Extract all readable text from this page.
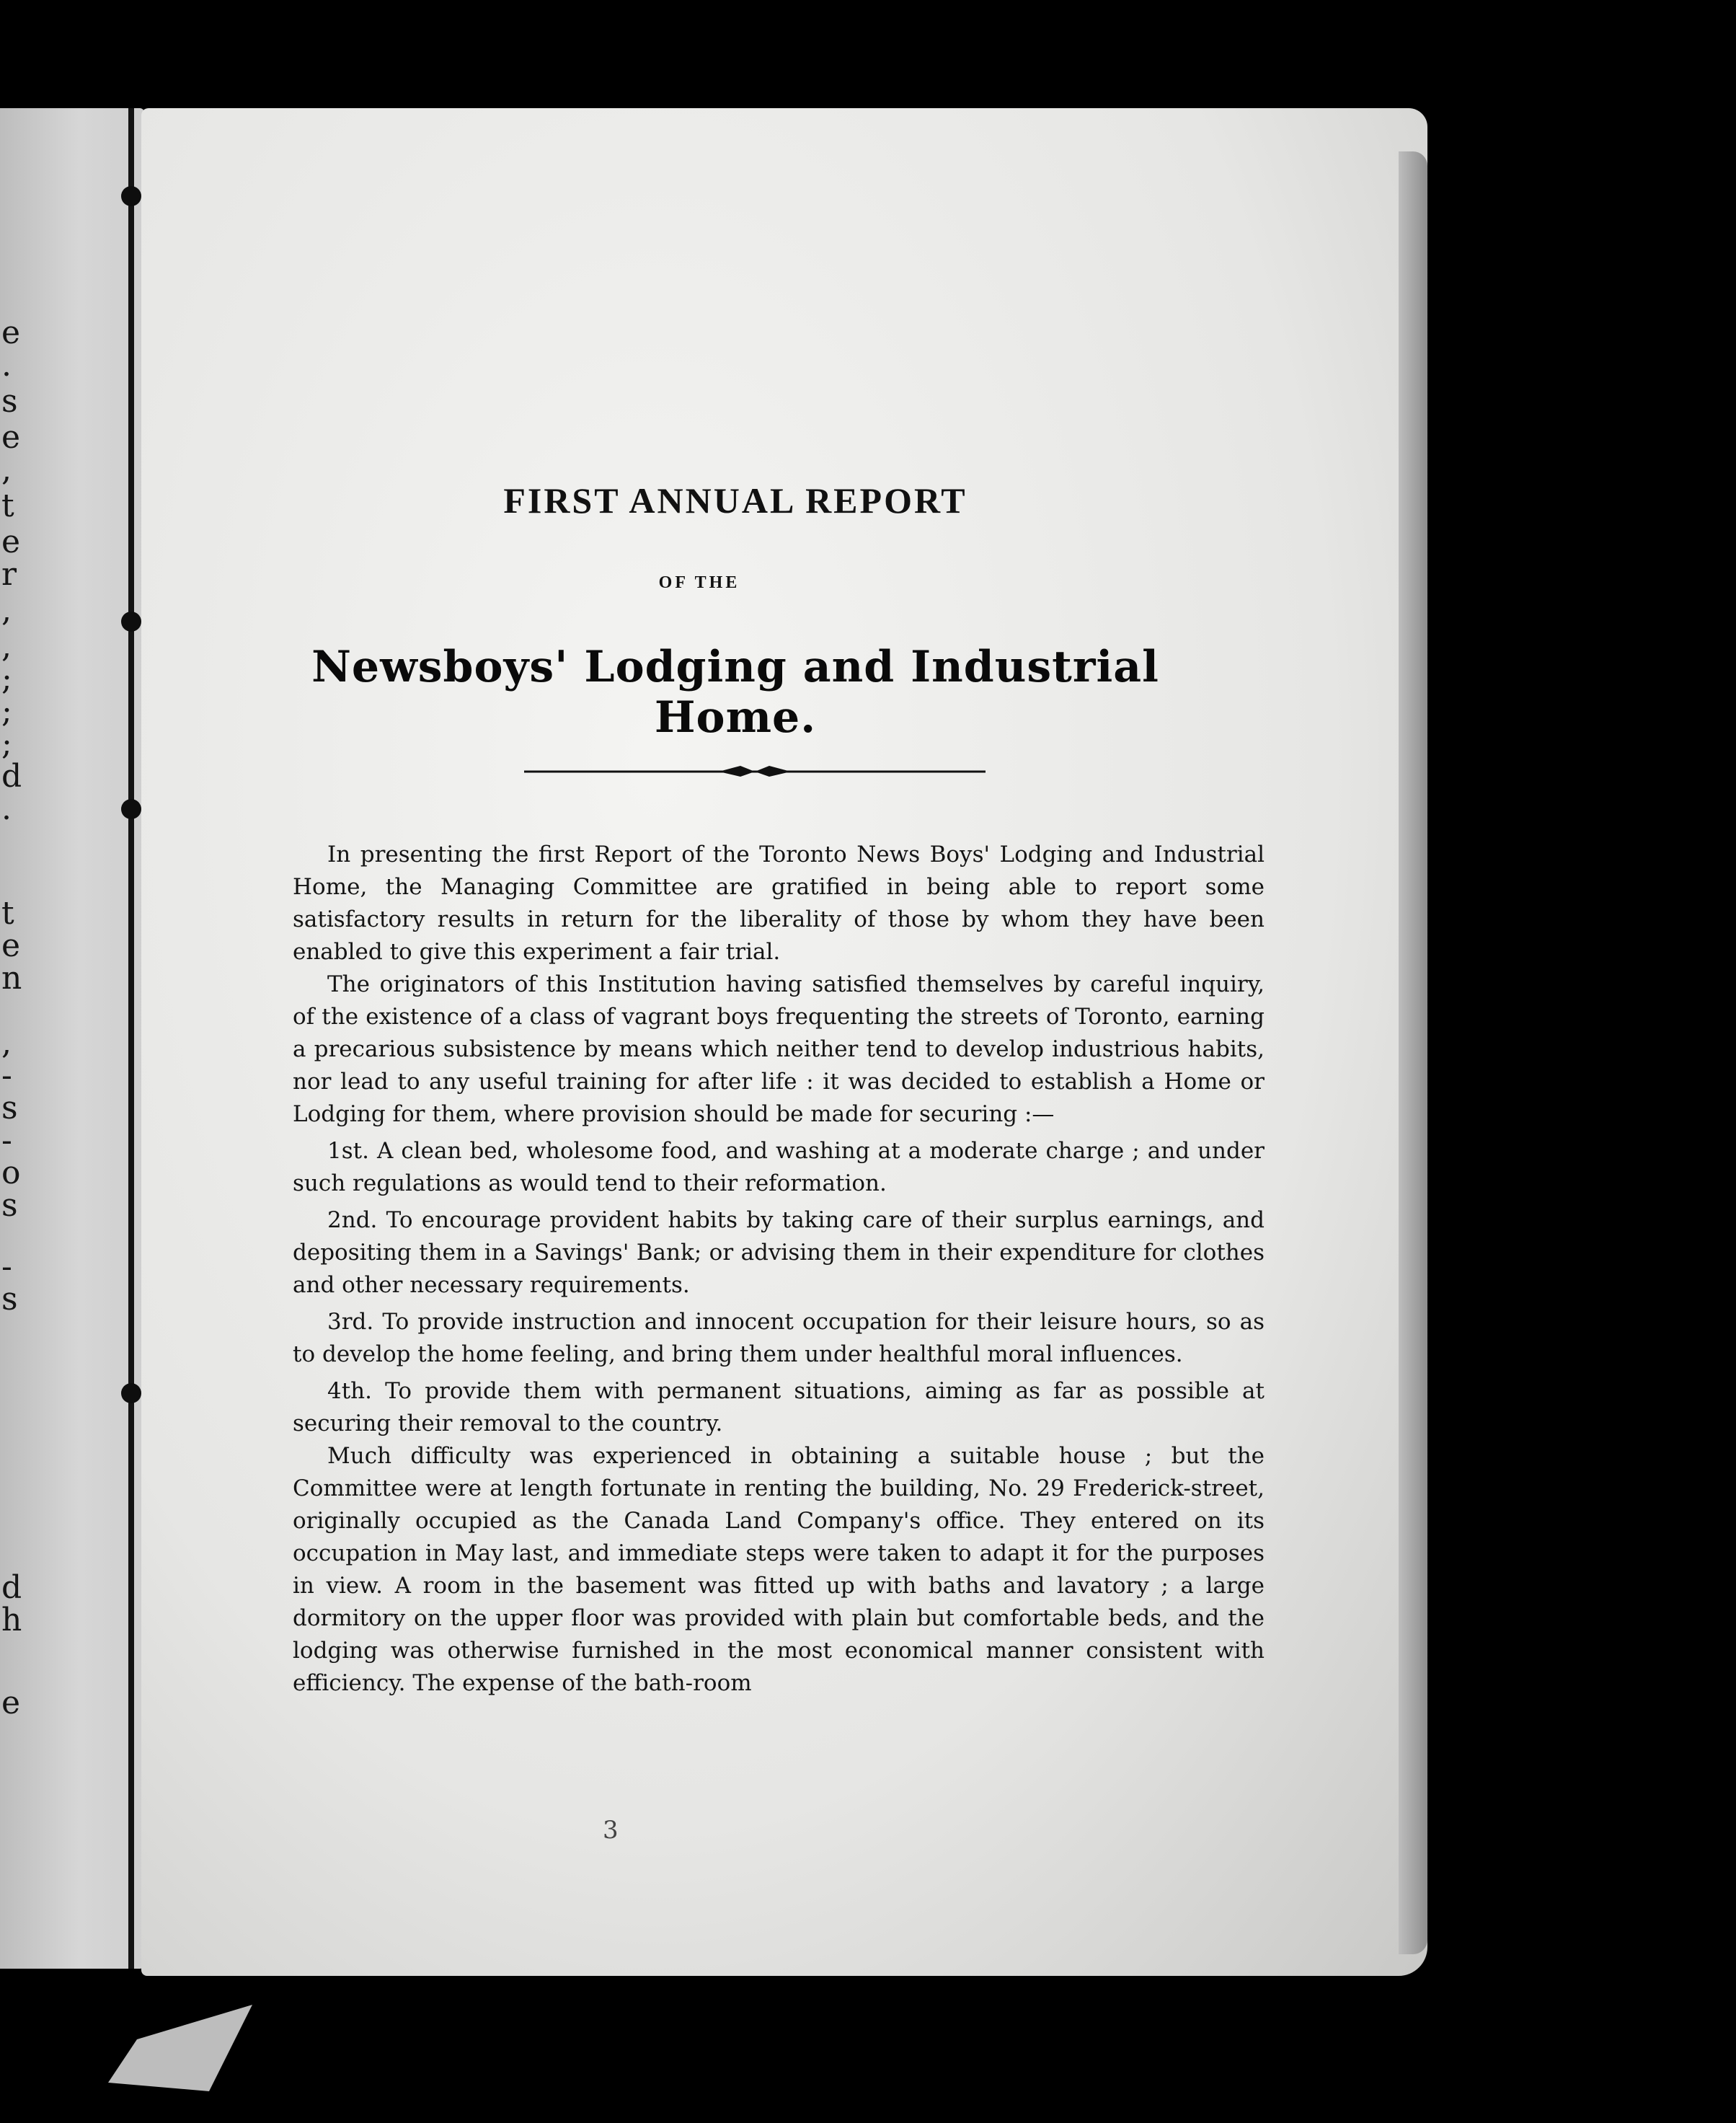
e
.
s
e
,
t
e
r
,
,
;
;
;
d
.
t
e
n
,
-
s
-
o
s
-
s
d
h
e
FIRST ANNUAL REPORT
OF THE
Newsboys' Lodging and Industrial Home.

In presenting the first Report of the Toronto News Boys' Lodging and Industrial Home, the Managing Committee are gratified in being able to report some satisfactory results in return for the liberality of those by whom they have been enabled to give this experiment a fair trial.

The originators of this Institution having satisfied themselves by careful inquiry, of the existence of a class of vagrant boys frequenting the streets of Toronto, earning a precarious subsistence by means which neither tend to develop industrious habits, nor lead to any useful training for after life : it was decided to establish a Home or Lodging for them, where provision should be made for securing :—

1st. A clean bed, wholesome food, and washing at a moderate charge ; and under such regulations as would tend to their reformation.

2nd. To encourage provident habits by taking care of their surplus earnings, and depositing them in a Savings' Bank; or advising them in their expenditure for clothes and other necessary requirements.

3rd. To provide instruction and innocent occupation for their leisure hours, so as to develop the home feeling, and bring them under healthful moral influences.

4th. To provide them with permanent situations, aiming as far as possible at securing their removal to the country.

Much difficulty was experienced in obtaining a suitable house ; but the Committee were at length fortunate in renting the building, No. 29 Frederick-street, originally occupied as the Canada Land Company's office. They entered on its occupation in May last, and immediate steps were taken to adapt it for the purposes in view. A room in the basement was fitted up with baths and lavatory ; a large dormitory on the upper floor was provided with plain but comfortable beds, and the lodging was otherwise furnished in the most economical manner consistent with efficiency. The expense of the bath-room

3
